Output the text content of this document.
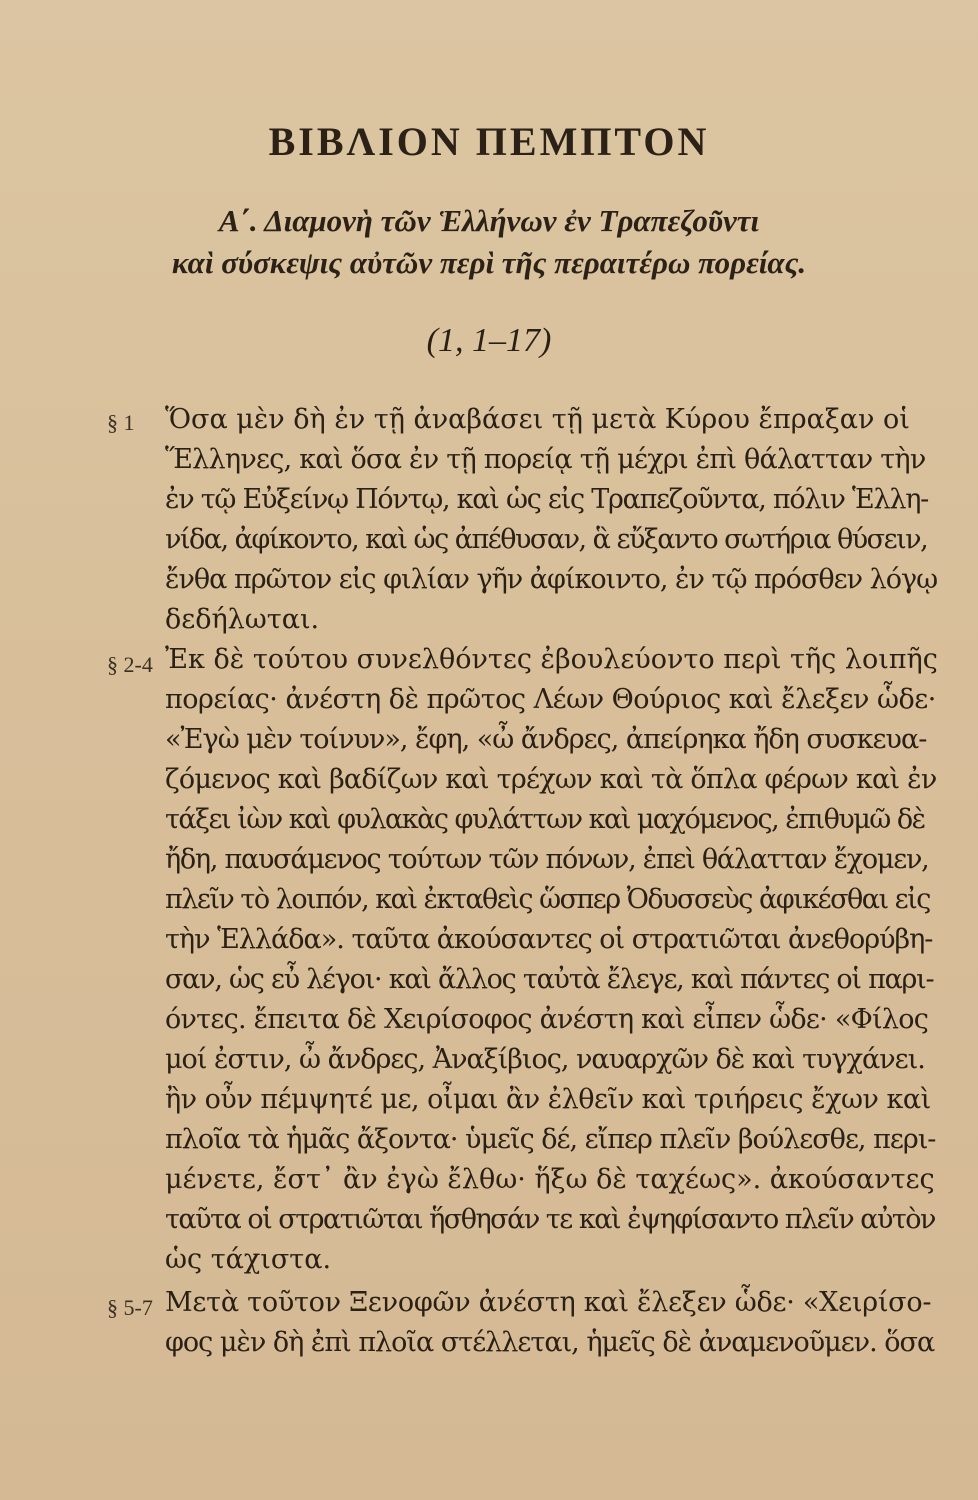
ΒΙΒΛΙΟΝ ΠΕΜΠΤΟΝ
Α΄. Διαμονὴ τῶν Ἑλλήνων ἐν Τραπεζοῦντι
καὶ σύσκεψις αὐτῶν περὶ τῆς περαιτέρω πορείας.
(1, 1–17)
§ 1 Ὅσα μὲν δὴ ἐν τῇ ἀναβάσει τῇ μετὰ Κύρου ἔπραξαν οἱ
Ἕλληνες, καὶ ὅσα ἐν τῇ πορείᾳ τῇ μέχρι ἐπὶ θάλατταν τὴν
ἐν τῷ Εὐξείνῳ Πόντῳ, καὶ ὡς εἰς Τραπεζοῦντα, πόλιν Ἑλλη-
νίδα, ἀφίκοντο, καὶ ὡς ἀπέθυσαν, ἃ εὔξαντο σωτήρια θύσειν,
ἔνθα πρῶτον εἰς φιλίαν γῆν ἀφίκοιντο, ἐν τῷ πρόσθεν λόγῳ
δεδήλωται.
§ 2-4 Ἐκ δὲ τούτου συνελθόντες ἐβουλεύοντο περὶ τῆς λοιπῆς
πορείας· ἀνέστη δὲ πρῶτος Λέων Θούριος καὶ ἔλεξεν ὧδε·
«Ἐγὼ μὲν τοίνυν», ἔφη, «ὦ ἄνδρες, ἀπείρηκα ἤδη συσκευα-
ζόμενος καὶ βαδίζων καὶ τρέχων καὶ τὰ ὅπλα φέρων καὶ ἐν
τάξει ἰὼν καὶ φυλακὰς φυλάττων καὶ μαχόμενος, ἐπιθυμῶ δὲ
ἤδη, παυσάμενος τούτων τῶν πόνων, ἐπεὶ θάλατταν ἔχομεν,
πλεῖν τὸ λοιπόν, καὶ ἐκταθεὶς ὥσπερ Ὀδυσσεὺς ἀφικέσθαι εἰς
τὴν Ἑλλάδα». ταῦτα ἀκούσαντες οἱ στρατιῶται ἀνεθορύβη-
σαν, ὡς εὖ λέγοι· καὶ ἄλλος ταὐτὰ ἔλεγε, καὶ πάντες οἱ παρι-
όντες. ἔπειτα δὲ Χειρίσοφος ἀνέστη καὶ εἶπεν ὧδε· «Φίλος
μοί ἐστιν, ὦ ἄνδρες, Ἀναξίβιος, ναυαρχῶν δὲ καὶ τυγχάνει.
ἢν οὖν πέμψητέ με, οἶμαι ἂν ἐλθεῖν καὶ τριήρεις ἔχων καὶ
πλοῖα τὰ ἡμᾶς ἄξοντα· ὑμεῖς δέ, εἴπερ πλεῖν βούλεσθε, περι-
μένετε, ἔστ᾽ ἂν ἐγὼ ἔλθω· ἥξω δὲ ταχέως». ἀκούσαντες
ταῦτα οἱ στρατιῶται ἥσθησάν τε καὶ ἐψηφίσαντο πλεῖν αὐτὸν
ὡς τάχιστα.
§ 5-7 Μετὰ τοῦτον Ξενοφῶν ἀνέστη καὶ ἔλεξεν ὧδε· «Χειρίσο-
φος μὲν δὴ ἐπὶ πλοῖα στέλλεται, ἡμεῖς δὲ ἀναμενοῦμεν. ὅσα
